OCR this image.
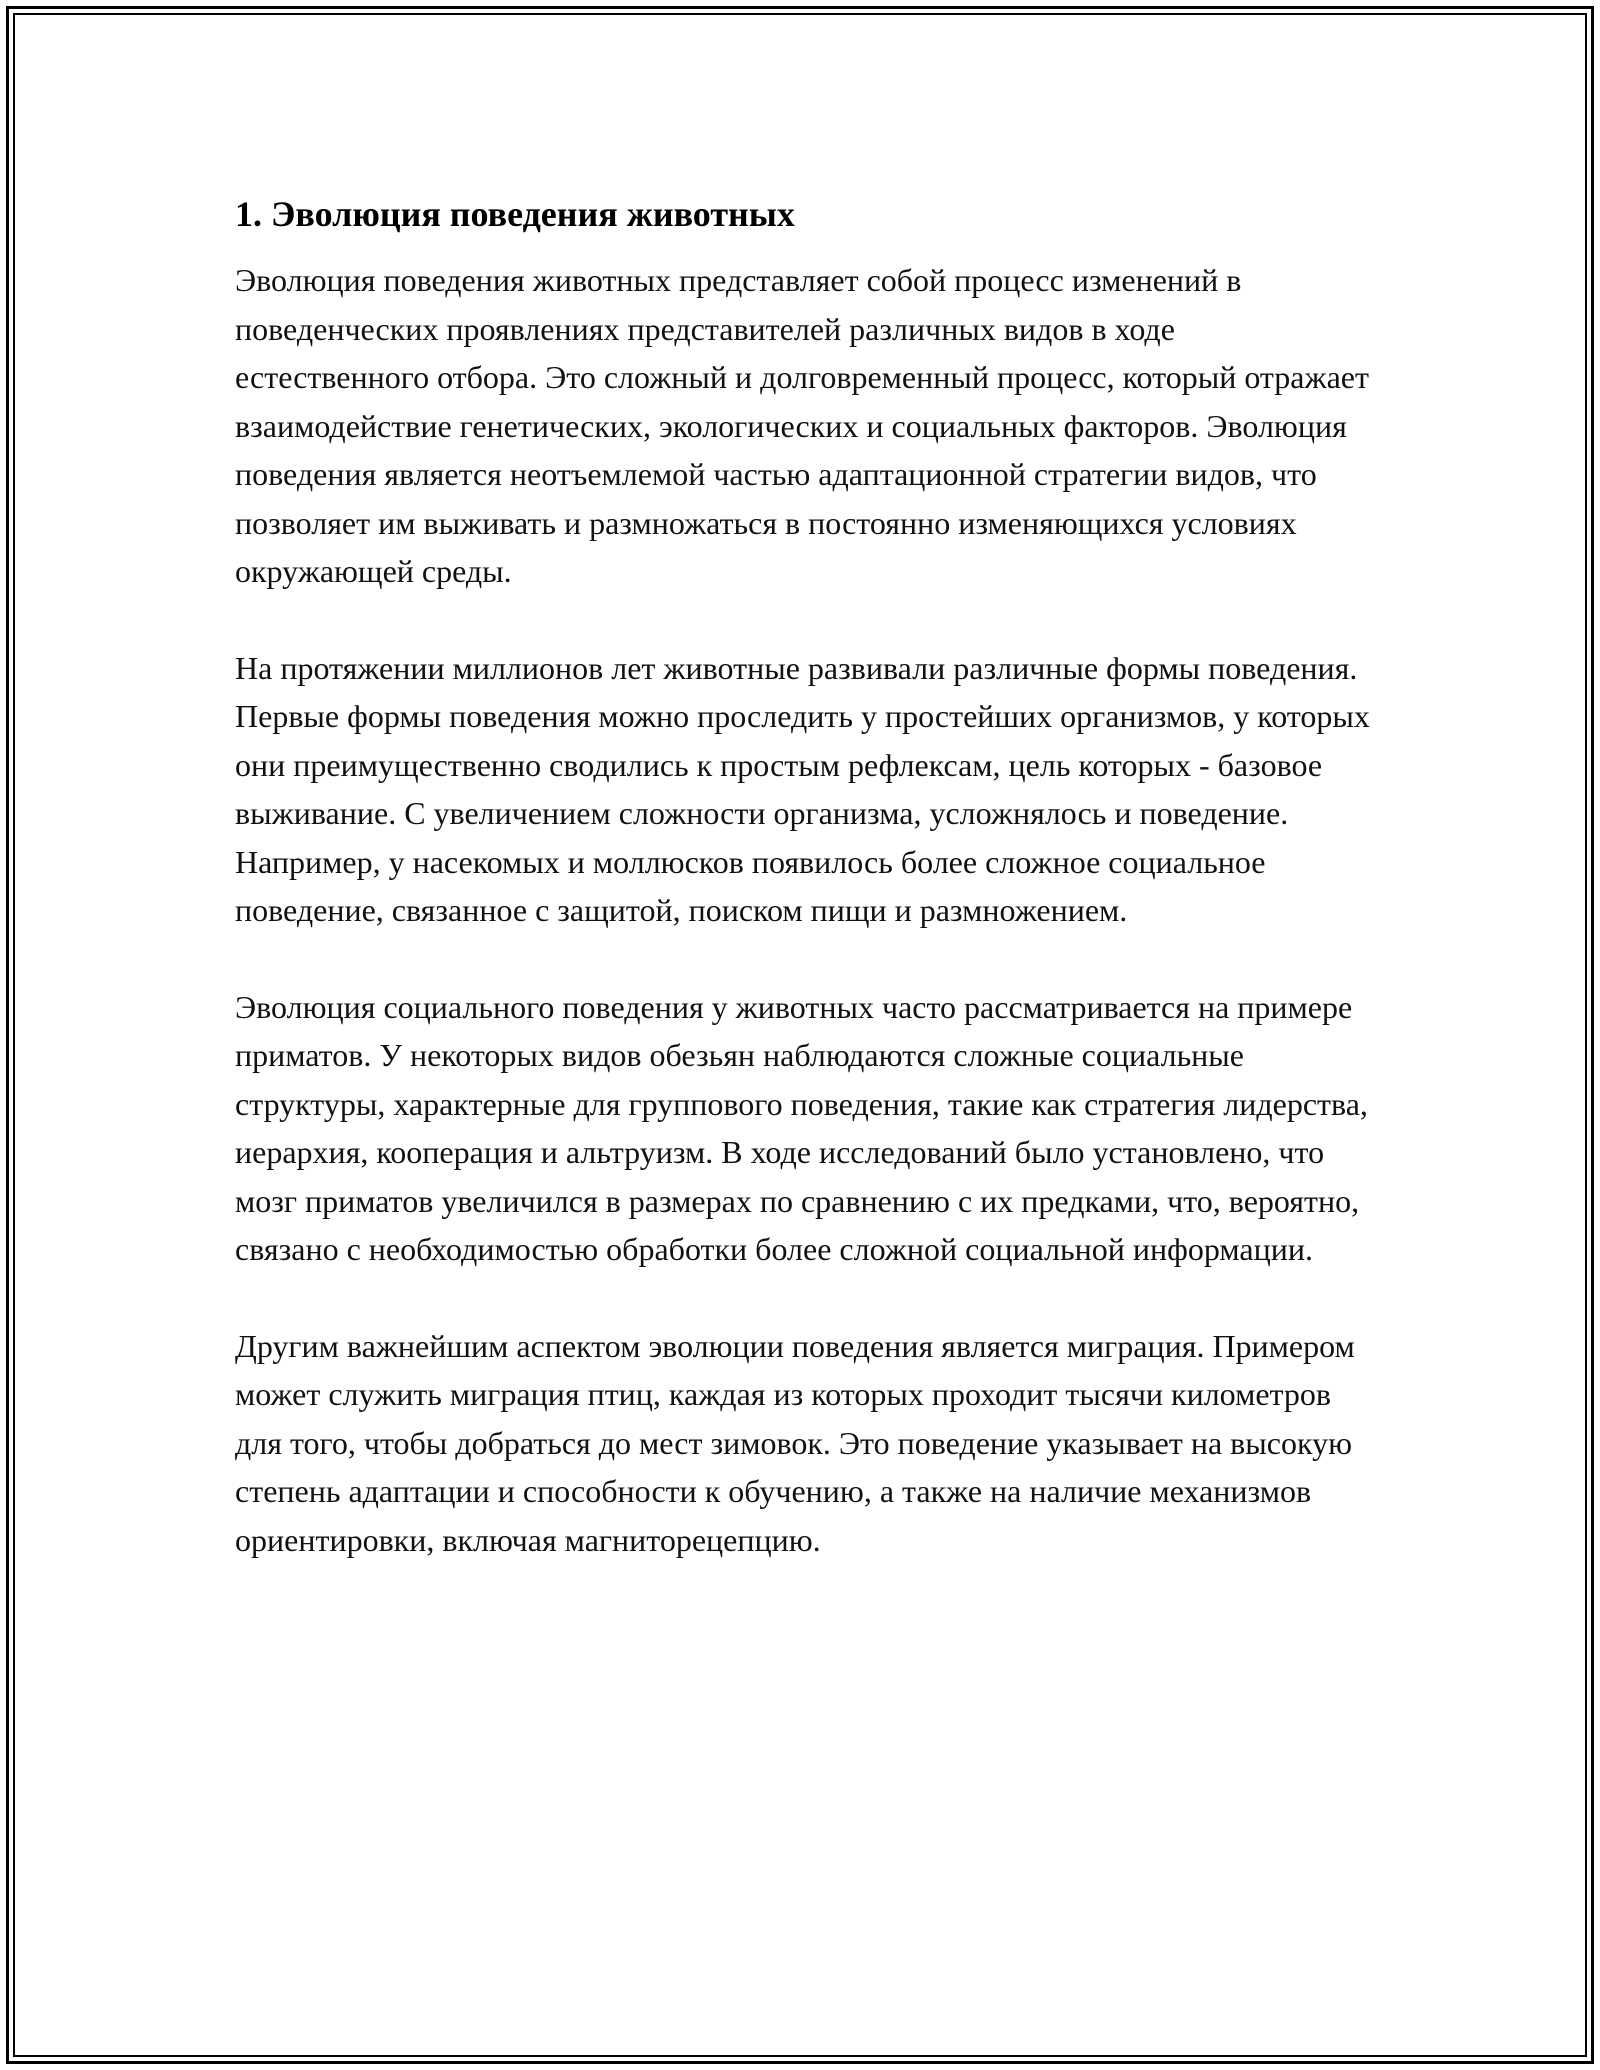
1. Эволюция поведения животных

Эволюция поведения животных представляет собой процесс изменений в поведенческих проявлениях представителей различных видов в ходе естественного отбора. Это сложный и долговременный процесс, который отражает взаимодействие генетических, экологических и социальных факторов. Эволюция поведения является неотъемлемой частью адаптационной стратегии видов, что позволяет им выживать и размножаться в постоянно изменяющихся условиях окружающей среды.

На протяжении миллионов лет животные развивали различные формы поведения. Первые формы поведения можно проследить у простейших организмов, у которых они преимущественно сводились к простым рефлексам, цель которых - базовое выживание. С увеличением сложности организма, усложнялось и поведение. Например, у насекомых и моллюсков появилось более сложное социальное поведение, связанное с защитой, поиском пищи и размножением.

Эволюция социального поведения у животных часто рассматривается на примере приматов. У некоторых видов обезьян наблюдаются сложные социальные структуры, характерные для группового поведения, такие как стратегия лидерства, иерархия, кооперация и альтруизм. В ходе исследований было установлено, что мозг приматов увеличился в размерах по сравнению с их предками, что, вероятно, связано с необходимостью обработки более сложной социальной информации.

Другим важнейшим аспектом эволюции поведения является миграция. Примером может служить миграция птиц, каждая из которых проходит тысячи километров для того, чтобы добраться до мест зимовок. Это поведение указывает на высокую степень адаптации и способности к обучению, а также на наличие механизмов ориентировки, включая магниторецепцию.
